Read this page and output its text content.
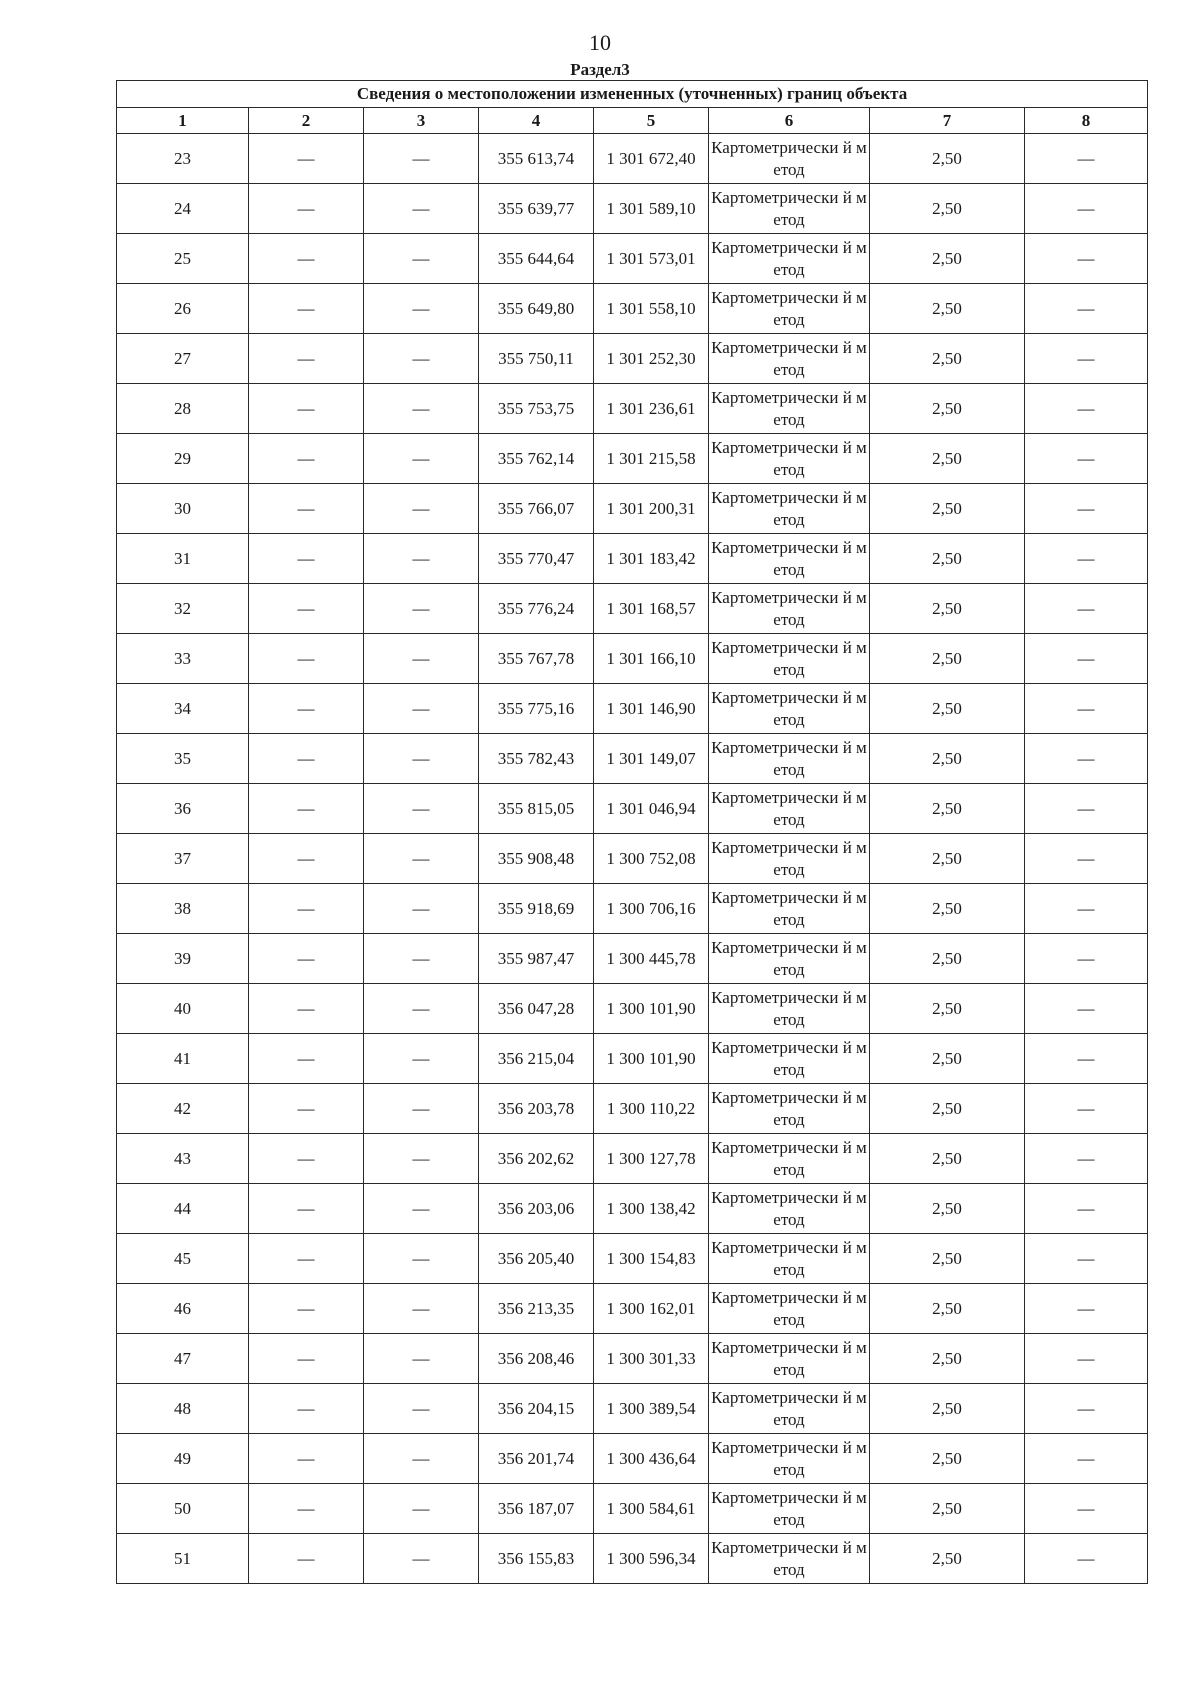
10
Раздел3
Сведения о местоположении измененных (уточненных) границ объекта							
1	2	3	4	5	6	7	8
23	—	—	355 613,74	1 301 672,40	Картометрически й метод	2,50	—
24	—	—	355 639,77	1 301 589,10	Картометрически й метод	2,50	—
25	—	—	355 644,64	1 301 573,01	Картометрически й метод	2,50	—
26	—	—	355 649,80	1 301 558,10	Картометрически й метод	2,50	—
27	—	—	355 750,11	1 301 252,30	Картометрически й метод	2,50	—
28	—	—	355 753,75	1 301 236,61	Картометрически й метод	2,50	—
29	—	—	355 762,14	1 301 215,58	Картометрически й метод	2,50	—
30	—	—	355 766,07	1 301 200,31	Картометрически й метод	2,50	—
31	—	—	355 770,47	1 301 183,42	Картометрически й метод	2,50	—
32	—	—	355 776,24	1 301 168,57	Картометрически й метод	2,50	—
33	—	—	355 767,78	1 301 166,10	Картометрически й метод	2,50	—
34	—	—	355 775,16	1 301 146,90	Картометрически й метод	2,50	—
35	—	—	355 782,43	1 301 149,07	Картометрически й метод	2,50	—
36	—	—	355 815,05	1 301 046,94	Картометрически й метод	2,50	—
37	—	—	355 908,48	1 300 752,08	Картометрически й метод	2,50	—
38	—	—	355 918,69	1 300 706,16	Картометрически й метод	2,50	—
39	—	—	355 987,47	1 300 445,78	Картометрически й метод	2,50	—
40	—	—	356 047,28	1 300 101,90	Картометрически й метод	2,50	—
41	—	—	356 215,04	1 300 101,90	Картометрически й метод	2,50	—
42	—	—	356 203,78	1 300 110,22	Картометрически й метод	2,50	—
43	—	—	356 202,62	1 300 127,78	Картометрически й метод	2,50	—
44	—	—	356 203,06	1 300 138,42	Картометрически й метод	2,50	—
45	—	—	356 205,40	1 300 154,83	Картометрически й метод	2,50	—
46	—	—	356 213,35	1 300 162,01	Картометрически й метод	2,50	—
47	—	—	356 208,46	1 300 301,33	Картометрически й метод	2,50	—
48	—	—	356 204,15	1 300 389,54	Картометрически й метод	2,50	—
49	—	—	356 201,74	1 300 436,64	Картометрически й метод	2,50	—
50	—	—	356 187,07	1 300 584,61	Картометрически й метод	2,50	—
51	—	—	356 155,83	1 300 596,34	Картометрически й метод	2,50	—
